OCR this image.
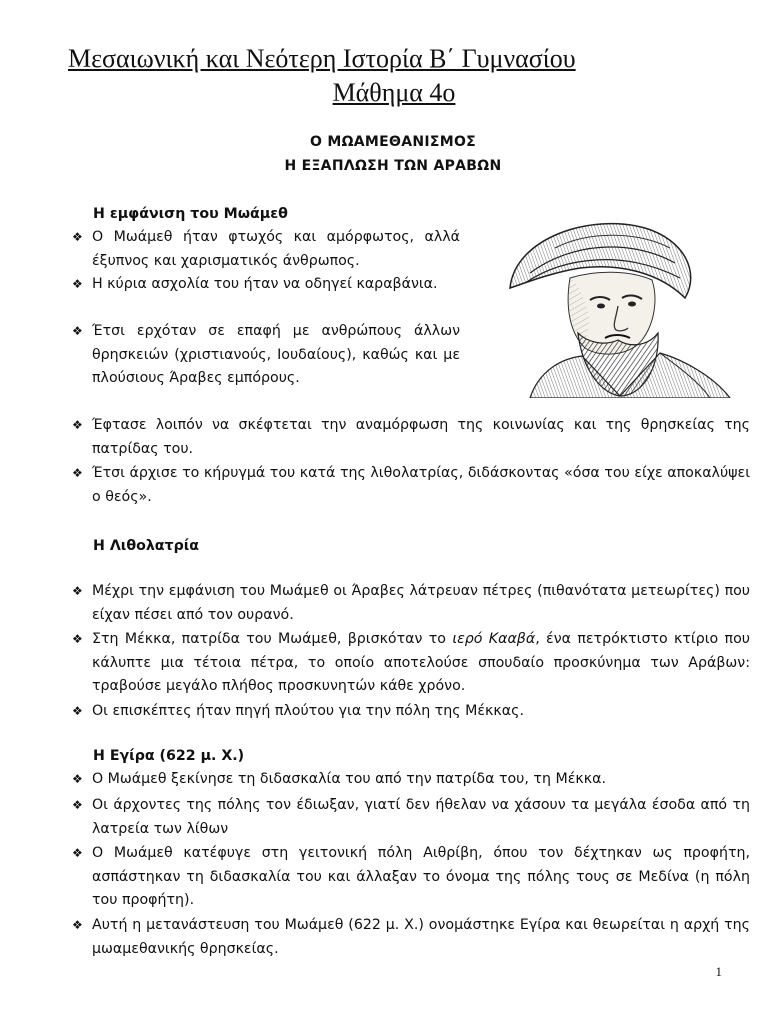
Μεσαιωνική και Νεότερη Ιστορία Β΄ Γυμνασίου
Μάθημα 4ο
Ο ΜΩΑΜΕΘΑΝΙΣΜΟΣ
Η ΕΞΑΠΛΩΣΗ ΤΩΝ ΑΡΑΒΩΝ
Η εμφάνιση του Μωάμεθ
❖ Ο Μωάμεθ ήταν φτωχός και αμόρφωτος, αλλά έξυπνος και χαρισματικός άνθρωπος.
❖ Η κύρια ασχολία του ήταν να οδηγεί καραβάνια.
❖ Έτσι ερχόταν σε επαφή με ανθρώπους άλλων θρησκειών (χριστιανούς, Ιουδαίους), καθώς και με πλούσιους Άραβες εμπόρους.
❖ Έφτασε λοιπόν να σκέφτεται την αναμόρφωση της κοινωνίας και της θρησκείας της πατρίδας του.
❖ Έτσι άρχισε το κήρυγμά του κατά της λιθολατρίας, διδάσκοντας «όσα του είχε αποκαλύψει ο θεός».
Η Λιθολατρία
❖ Μέχρι την εμφάνιση του Μωάμεθ οι Άραβες λάτρευαν πέτρες (πιθανότατα μετεωρίτες) που είχαν πέσει από τον ουρανό.
❖ Στη Μέκκα, πατρίδα του Μωάμεθ, βρισκόταν το ιερό Κααβά, ένα πετρόκτιστο κτίριο που κάλυπτε μια τέτοια πέτρα, το οποίο αποτελούσε σπουδαίο προσκύνημα των Αράβων: τραβούσε μεγάλο πλήθος προσκυνητών κάθε χρόνο.
❖ Οι επισκέπτες ήταν πηγή πλούτου για την πόλη της Μέκκας.
Η Εγίρα (622 μ. Χ.)
❖ Ο Μωάμεθ ξεκίνησε τη διδασκαλία του από την πατρίδα του, τη Μέκκα.
❖ Οι άρχοντες της πόλης τον έδιωξαν, γιατί δεν ήθελαν να χάσουν τα μεγάλα έσοδα από τη λατρεία των λίθων
❖ Ο Μωάμεθ κατέφυγε στη γειτονική πόλη Αιθρίβη, όπου τον δέχτηκαν ως προφήτη, ασπάστηκαν τη διδασκαλία του και άλλαξαν το όνομα της πόλης τους σε Μεδίνα (η πόλη του προφήτη).
❖ Αυτή η μετανάστευση του Μωάμεθ (622 μ. Χ.) ονομάστηκε Εγίρα και θεωρείται η αρχή της μωαμεθανικής θρησκείας.
1
